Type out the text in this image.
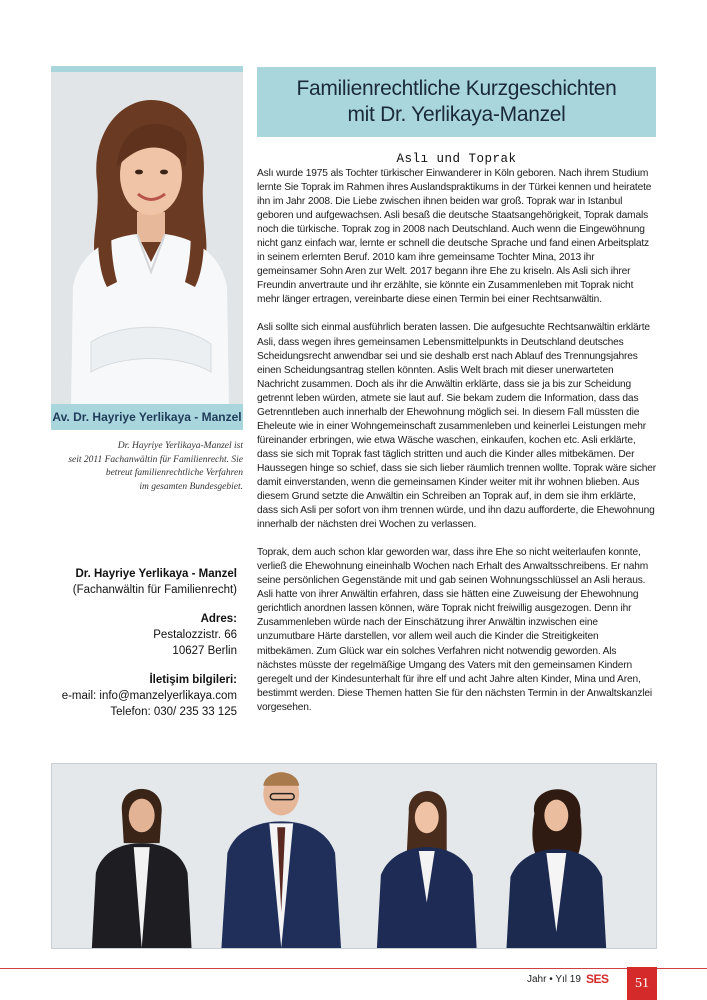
Av. Dr. Hayriye Yerlikaya - Manzel
Dr. Hayriye Yerlikaya-Manzel ist
seit 2011 Fachanwältin für Familienrecht. Sie
betreut familienrechtliche Verfahren
im gesamten Bundesgebiet.
Dr. Hayriye Yerlikaya - Manzel
(Fachanwältin für Familienrecht)
Adres:
Pestalozzistr. 66
10627 Berlin
İletişim bilgileri:
e-mail: info@manzelyerlikaya.com
Telefon: 030/ 235 33 125
Familienrechtliche Kurzgeschichten
mit Dr. Yerlikaya-Manzel
Aslı und Toprak

Aslı wurde 1975 als Tochter türkischer Einwanderer in Köln geboren. Nach ihrem Studium lernte Sie Toprak im Rahmen ihres Auslandspraktikums in der Türkei kennen und heiratete ihn im Jahr 2008. Die Liebe zwischen ihnen beiden war groß. Toprak war in Istanbul geboren und aufgewachsen. Asli besaß die deutsche Staatsangehörigkeit, Toprak damals noch die türkische. Toprak zog in 2008 nach Deutschland. Auch wenn die Eingewöhnung nicht ganz einfach war, lernte er schnell die deutsche Sprache und fand einen Arbeitsplatz in seinem erlernten Beruf. 2010 kam ihre gemeinsame Tochter Mina, 2013 ihr gemeinsamer Sohn Aren zur Welt. 2017 begann ihre Ehe zu kriseln. Als Asli sich ihrer Freundin anvertraute und ihr erzählte, sie könnte ein Zusammenleben mit Toprak nicht mehr länger ertragen, vereinbarte diese einen Termin bei einer Rechtsanwältin.

Asli sollte sich einmal ausführlich beraten lassen. Die aufgesuchte Rechtsanwältin erklärte Asli, dass wegen ihres gemeinsamen Lebensmittelpunkts in Deutschland deutsches Scheidungsrecht anwendbar sei und sie deshalb erst nach Ablauf des Trennungsjahres einen Scheidungsantrag stellen könnten. Aslis Welt brach mit dieser unerwarteten Nachricht zusammen. Doch als ihr die Anwältin erklärte, dass sie ja bis zur Scheidung getrennt leben würden, atmete sie laut auf. Sie bekam zudem die Information, dass das Getrenntleben auch innerhalb der Ehewohnung möglich sei. In diesem Fall müssten die Eheleute wie in einer Wohngemeinschaft zusammenleben und keinerlei Leistungen mehr füreinander erbringen, wie etwa Wäsche waschen, einkaufen, kochen etc. Asli erklärte, dass sie sich mit Toprak fast täglich stritten und auch die Kinder alles mitbekämen. Der Haussegen hinge so schief, dass sie sich lieber räumlich trennen wollte. Toprak wäre sicher damit einverstanden, wenn die gemeinsamen Kinder weiter mit ihr wohnen blieben. Aus diesem Grund setzte die Anwältin ein Schreiben an Toprak auf, in dem sie ihm erklärte, dass sich Asli per sofort von ihm trennen würde, und ihn dazu aufforderte, die Ehewohnung innerhalb der nächsten drei Wochen zu verlassen.

Toprak, dem auch schon klar geworden war, dass ihre Ehe so nicht weiterlaufen konnte, verließ die Ehewohnung eineinhalb Wochen nach Erhalt des Anwaltsschreibens. Er nahm seine persönlichen Gegenstände mit und gab seinen Wohnungsschlüssel an Asli heraus. Asli hatte von ihrer Anwältin erfahren, dass sie hätten eine Zuweisung der Ehewohnung gerichtlich anordnen lassen können, wäre Toprak nicht freiwillig ausgezogen. Denn ihr Zusammenleben würde nach der Einschätzung ihrer Anwältin inzwischen eine unzumutbare Härte darstellen, vor allem weil auch die Kinder die Streitigkeiten mitbekämen. Zum Glück war ein solches Verfahren nicht notwendig geworden. Als nächstes müsste der regelmäßige Umgang des Vaters mit den gemeinsamen Kindern geregelt und der Kindesunterhalt für ihre elf und acht Jahre alten Kinder, Mina und Aren, bestimmt werden. Diese Themen hatten Sie für den nächsten Termin in der Anwaltskanzlei vorgesehen.

Jahr • Yıl 19 SES	51
